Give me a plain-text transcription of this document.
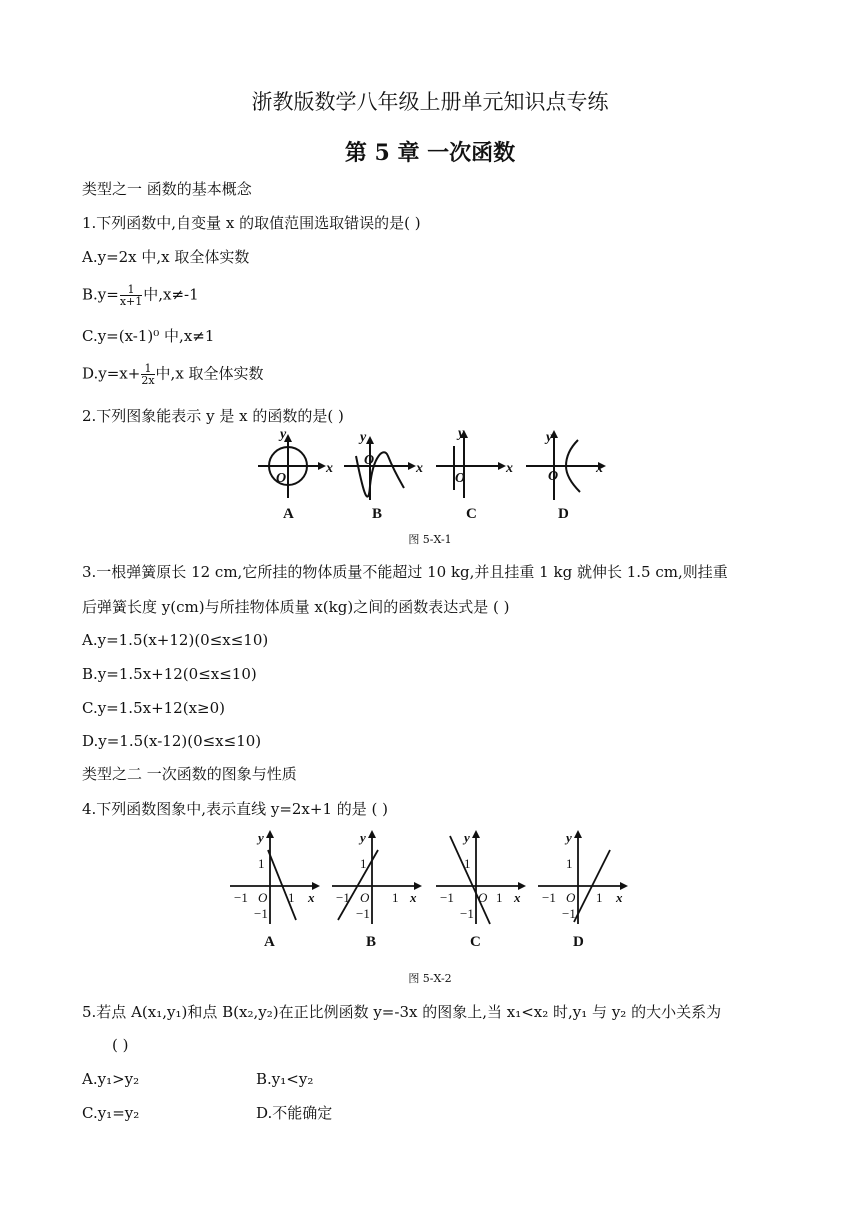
浙教版数学八年级上册单元知识点专练
第 5 章 一次函数
类型之一 函数的基本概念
1.下列函数中,自变量 x 的取值范围选取错误的是( )
A.y=2x 中,x 取全体实数
$B.y= \frac{1}{x+1}$ 中,x≠-1
C.y=(x-1)⁰ 中,x≠1
$D.y=x+ \frac{1}{2x}$ 中,x 取全体实数
2.下列图象能表示 y 是 x 的函数的是( )
y
x
O
y
x
O
y
x
O
y
x
O
A	B	C	D
图 5-X-1
3.一根弹簧原长 12 cm,它所挂的物体质量不能超过 10 kg,并且挂重 1 kg 就伸长 1.5 cm,则挂重
后弹簧长度 y(cm)与所挂物体质量 x(kg)之间的函数表达式是 ( )
A.y=1.5(x+12)(0≤x≤10)
B.y=1.5x+12(0≤x≤10)
C.y=1.5x+12(x≥0)
D.y=1.5(x-12)(0≤x≤10)
类型之二 一次函数的图象与性质
4.下列函数图象中,表示直线 y=2x+1 的是 ( )
y
1
−1 O 1 x
−1
y
1
−1 O 1 x
−1
y
1
−1 O 1 x
−1
y
1
−1 O 1 x
−1
A	B	C	D
图 5-X-2
5.若点 A(x₁,y₁)和点 B(x₂,y₂)在正比例函数 y=-3x 的图象上,当 x₁<x₂ 时,y₁ 与 y₂ 的大小关系为
( )
A.y₁>y₂	B.y₁<y₂
C.y₁=y₂	D.不能确定
